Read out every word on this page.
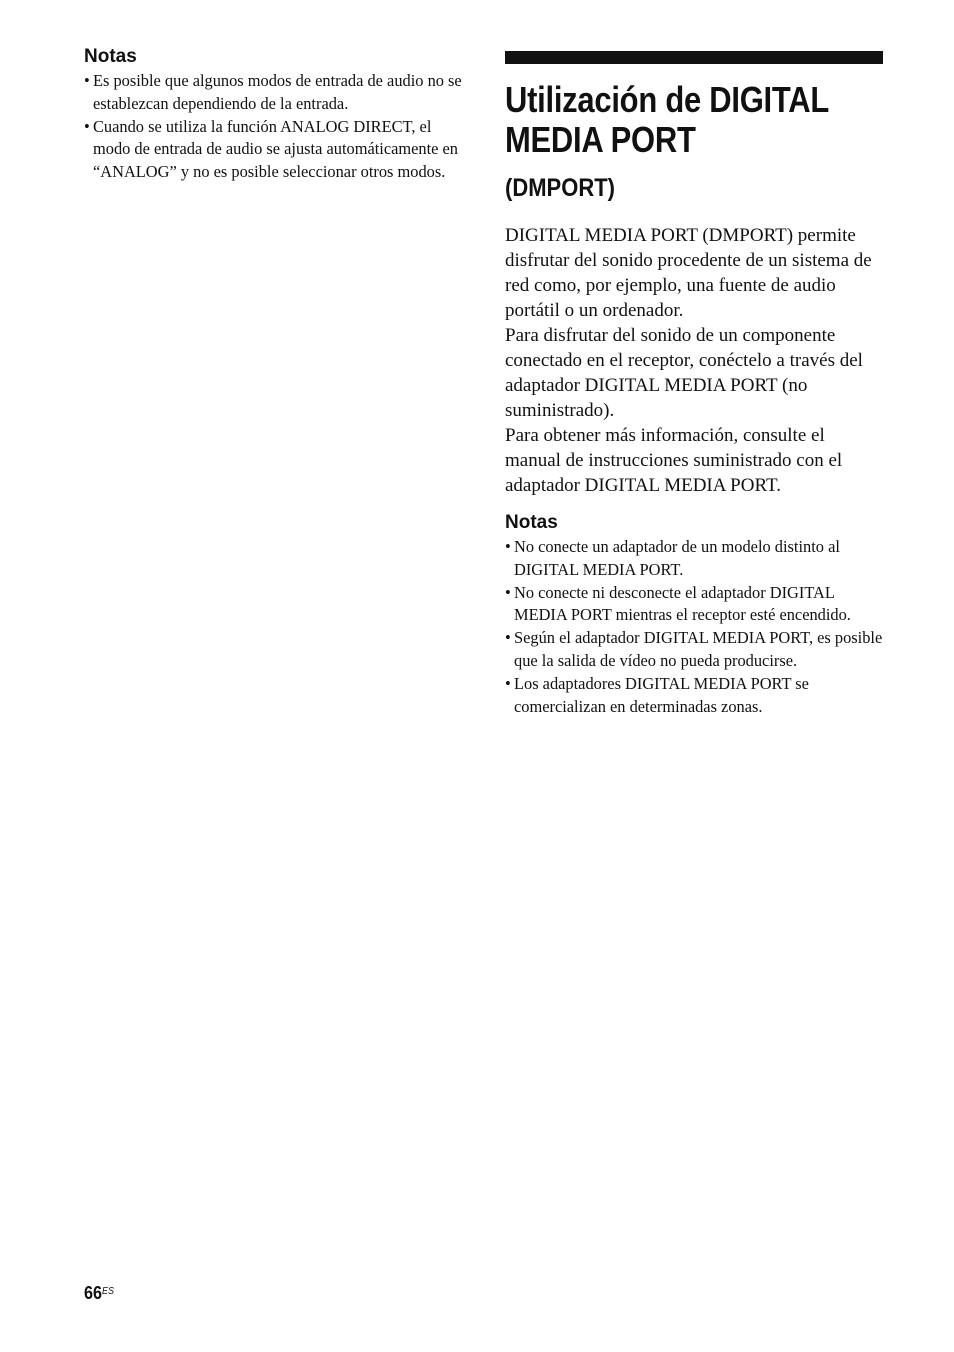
Notas
• Es posible que algunos modos de entrada de audio no se establezcan dependiendo de la entrada.
• Cuando se utiliza la función ANALOG DIRECT, el modo de entrada de audio se ajusta automáticamente en “ANALOG” y no es posible seleccionar otros modos.
Utilización de DIGITAL
MEDIA PORT
(DMPORT)

DIGITAL MEDIA PORT (DMPORT) permite disfrutar del sonido procedente de un sistema de red como, por ejemplo, una fuente de audio portátil o un ordenador.

Para disfrutar del sonido de un componente conectado en el receptor, conéctelo a través del adaptador DIGITAL MEDIA PORT (no suministrado).

Para obtener más información, consulte el manual de instrucciones suministrado con el adaptador DIGITAL MEDIA PORT.

Notas
• No conecte un adaptador de un modelo distinto al DIGITAL MEDIA PORT.
• No conecte ni desconecte el adaptador DIGITAL MEDIA PORT mientras el receptor esté encendido.
• Según el adaptador DIGITAL MEDIA PORT, es posible que la salida de vídeo no pueda producirse.
• Los adaptadores DIGITAL MEDIA PORT se comercializan en determinadas zonas.
$66^{ES}$
